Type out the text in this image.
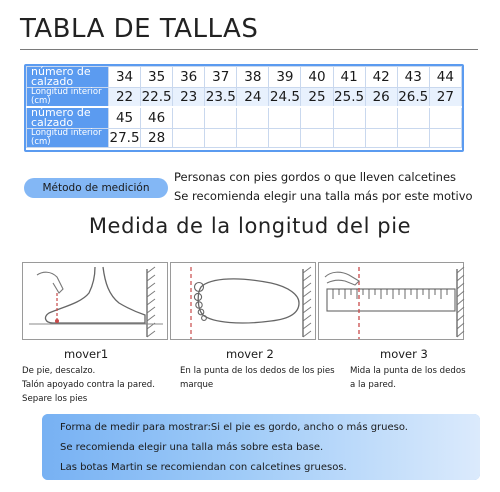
TABLA DE TALLAS
número de calzado	34	35	36	37	38	39	40	41	42	43	44
Longitud interior (cm)	22	22.5	23	23.5	24	24.5	25	25.5	26	26.5	27
número de calzado	45	46									
Longitud interior (cm)	27.5	28									
Método de medición
Personas con pies gordos o que lleven calcetines
Se recomienda elegir una talla más por este motivo
Medida de la longitud del pie
mover1	mover 2	mover 3
De pie, descalzo.
Talón apoyado contra la pared.
Separe los pies
En la punta de los dedos de los pies
marque
Mida la punta de los dedos
a la pared.
Forma de medir para mostrar:Si el pie es gordo, ancho o más grueso.
Se recomienda elegir una talla más sobre esta base.
Las botas Martin se recomiendan con calcetines gruesos.
